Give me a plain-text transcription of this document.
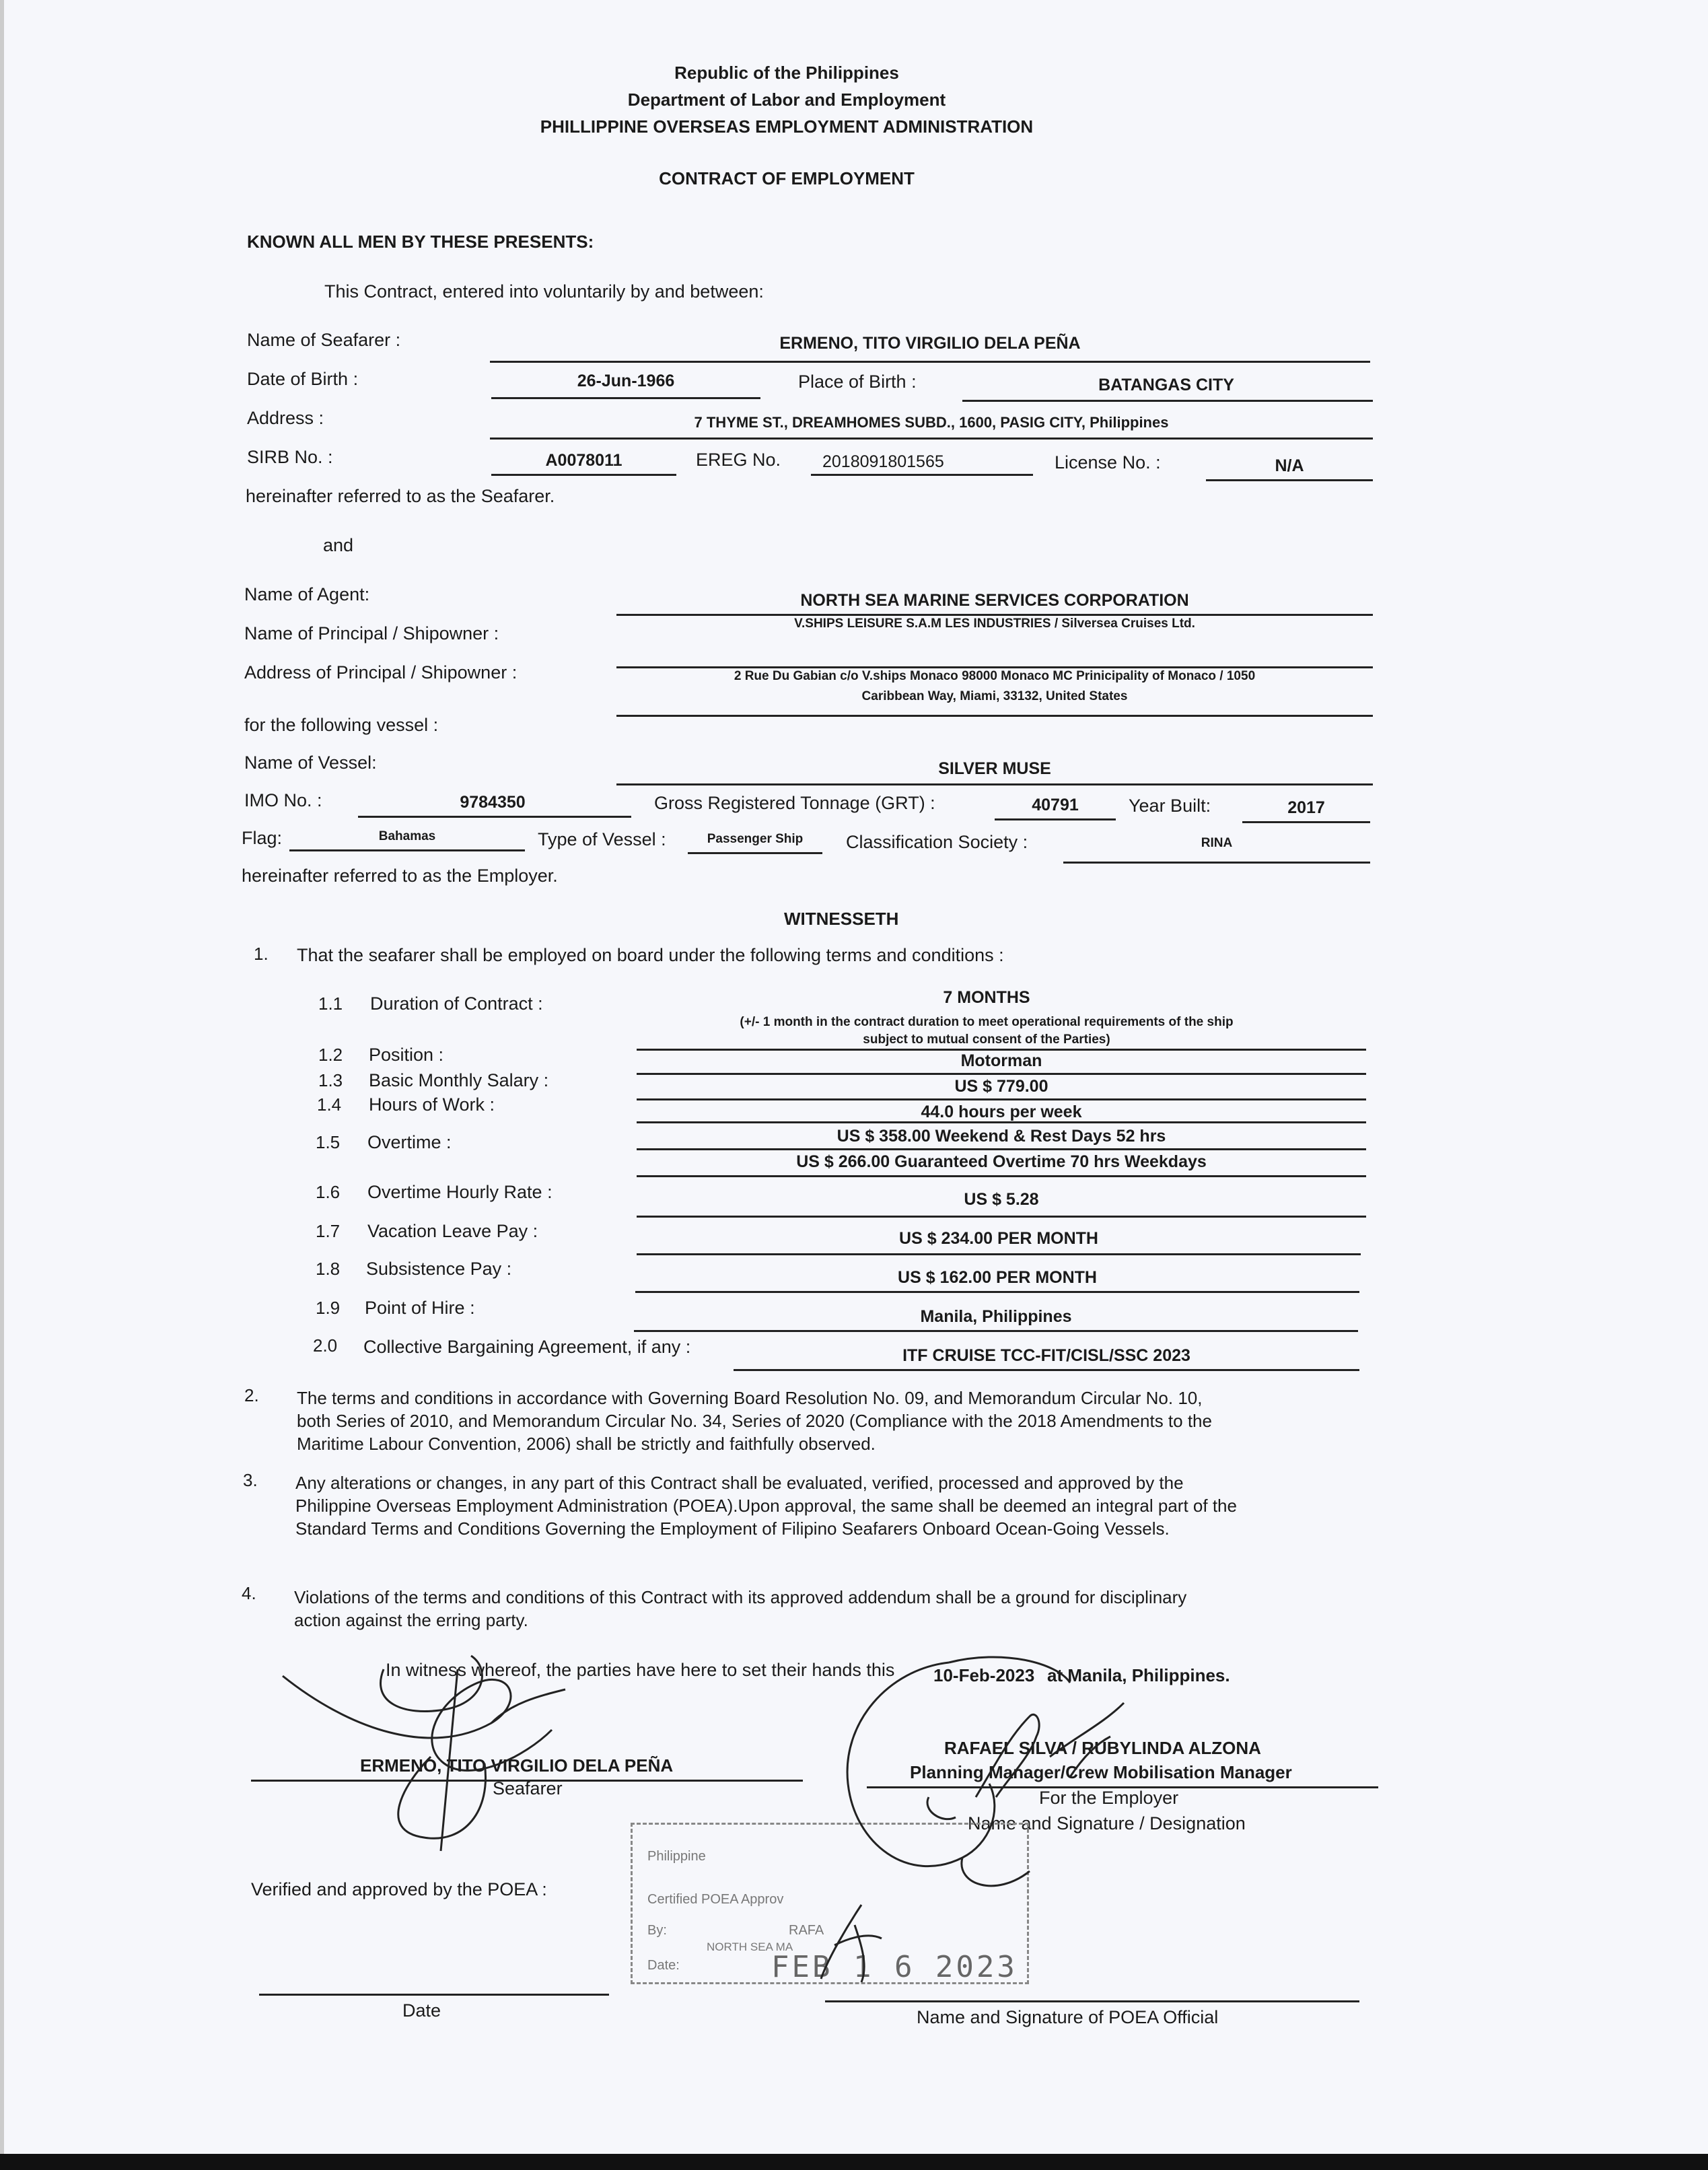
Republic of the Philippines
Department of Labor and Employment
PHILLIPPINE OVERSEAS EMPLOYMENT ADMINISTRATION
CONTRACT OF EMPLOYMENT
KNOWN ALL MEN BY THESE PRESENTS:
This Contract, entered into voluntarily by and between:
Name of Seafarer :	ERMENO, TITO VIRGILIO DELA PEÑA
Date of Birth :	26-Jun-1966	Place of Birth :	BATANGAS CITY
Address :	7 THYME ST., DREAMHOMES SUBD., 1600, PASIG CITY, Philippines
SIRB No. :	A0078011	EREG No. 2018091801565	License No. :	N/A
hereinafter referred to as the Seafarer.
and
Name of Agent:	NORTH SEA MARINE SERVICES CORPORATION
Name of Principal / Shipowner :	V.SHIPS LEISURE S.A.M LES INDUSTRIES / Silversea Cruises Ltd.
Address of Principal / Shipowner :	2 Rue Du Gabian c/o V.ships Monaco 98000 Monaco MC Prinicipality of Monaco / 1050
Caribbean Way, Miami, 33132, United States
for the following vessel :
Name of Vessel:	SILVER MUSE
IMO No. :	9784350	Gross Registered Tonnage (GRT) :	40791	Year Built:	2017
Flag:	Bahamas	Type of Vessel :	Passenger Ship	Classification Society :	RINA
hereinafter referred to as the Employer.
WITNESSETH
1. That the seafarer shall be employed on board under the following terms and conditions :
1.1 Duration of Contract :	7 MONTHS
(+/- 1 month in the contract duration to meet operational requirements of the ship
subject to mutual consent of the Parties)
1.2 Position :	Motorman
1.3 Basic Monthly Salary :	US $ 779.00
1.4 Hours of Work :	44.0 hours per week
1.5 Overtime :	US $ 358.00 Weekend & Rest Days 52 hrs
US $ 266.00 Guaranteed Overtime 70 hrs Weekdays
1.6 Overtime Hourly Rate :	US $ 5.28
1.7 Vacation Leave Pay :	US $ 234.00 PER MONTH
1.8 Subsistence Pay :	US $ 162.00 PER MONTH
1.9 Point of Hire :	Manila, Philippines
2.0 Collective Bargaining Agreement, if any :	ITF CRUISE TCC-FIT/CISL/SSC 2023
2. The terms and conditions in accordance with Governing Board Resolution No. 09, and Memorandum Circular No. 10, both Series of 2010, and Memorandum Circular No. 34, Series of 2020 (Compliance with the 2018 Amendments to the Maritime Labour Convention, 2006) shall be strictly and faithfully observed.
3. Any alterations or changes, in any part of this Contract shall be evaluated, verified, processed and approved by the Philippine Overseas Employment Administration (POEA).Upon approval, the same shall be deemed an integral part of the Standard Terms and Conditions Governing the Employment of Filipino Seafarers Onboard Ocean-Going Vessels.
4. Violations of the terms and conditions of this Contract with its approved addendum shall be a ground for disciplinary action against the erring party.
In witness whereof, the parties have here to set their hands this 10-Feb-2023 at Manila, Philippines.
ERMENO, TITO VIRGILIO DELA PEÑA
Seafarer
RAFAEL SILVA / RUBYLINDA ALZONA
Planning Manager/Crew Mobilisation Manager
For the Employer
Name and Signature / Designation
Verified and approved by the POEA :
Date	Name and Signature of POEA Official
Philippine
Certified POEA Approv
By:	RAFA
NORTH SEA MA
Date:	FEB 1 6 2023
